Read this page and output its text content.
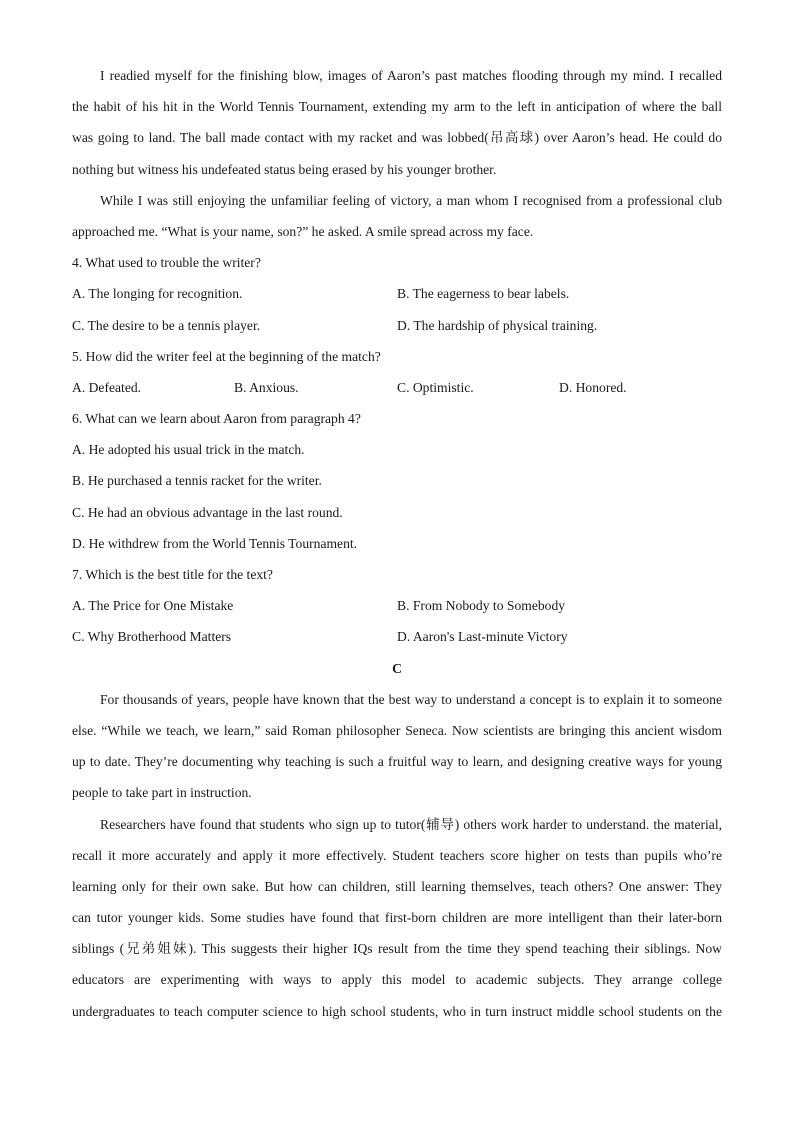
I readied myself for the finishing blow, images of Aaron’s past matches flooding through my mind. I recalled
the habit of his hit in the World Tennis Tournament, extending my arm to the left in anticipation of where the ball
was going to land. The ball made contact with my racket and was lobbed(吊高球) over Aaron’s head. He could do
nothing but witness his undefeated status being erased by his younger brother.
While I was still enjoying the unfamiliar feeling of victory, a man whom I recognised from a professional club
approached me. “What is your name, son?” he asked. A smile spread across my face.
4. What used to trouble the writer?
A. The longing for recognition.	B. The eagerness to bear labels.
C. The desire to be a tennis player.	D. The hardship of physical training.
5. How did the writer feel at the beginning of the match?
A. Defeated.	B. Anxious.	C. Optimistic.	D. Honored.
6. What can we learn about Aaron from paragraph 4?
A. He adopted his usual trick in the match.
B. He purchased a tennis racket for the writer.
C. He had an obvious advantage in the last round.
D. He withdrew from the World Tennis Tournament.
7. Which is the best title for the text?
A. The Price for One Mistake	B. From Nobody to Somebody
C. Why Brotherhood Matters	D. Aaron's Last-minute Victory
C
For thousands of years, people have known that the best way to understand a concept is to explain it to someone
else. “While we teach, we learn,” said Roman philosopher Seneca. Now scientists are bringing this ancient wisdom
up to date. They’re documenting why teaching is such a fruitful way to learn, and designing creative ways for young
people to take part in instruction.
Researchers have found that students who sign up to tutor(辅导) others work harder to understand. the material,
recall it more accurately and apply it more effectively. Student teachers score higher on tests than pupils who’re
learning only for their own sake. But how can children, still learning themselves, teach others? One answer: They
can tutor younger kids. Some studies have found that first-born children are more intelligent than their later-born
siblings (兄弟姐妹). This suggests their higher IQs result from the time they spend teaching their siblings. Now
educators are experimenting with ways to apply this model to academic subjects. They arrange college
undergraduates to teach computer science to high school students, who in turn instruct middle school students on the
